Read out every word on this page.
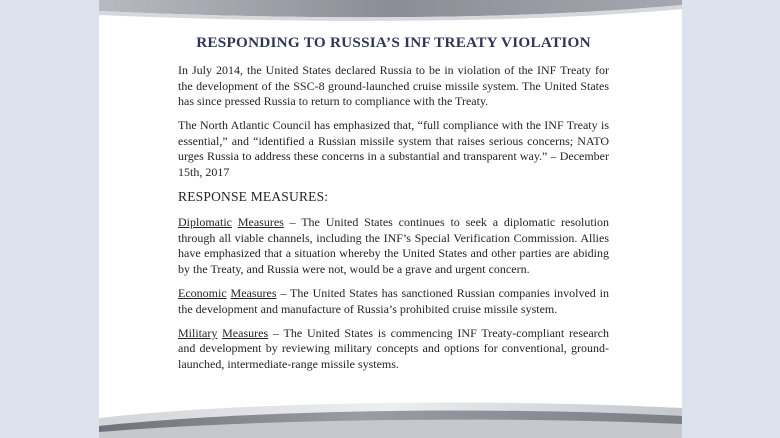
RESPONDING TO RUSSIA’S INF TREATY VIOLATION

In July 2014, the United States declared Russia to be in violation of the INF Treaty for the development of the SSC-8 ground-launched cruise missile system. The United States has since pressed Russia to return to compliance with the Treaty.

The North Atlantic Council has emphasized that, “full compliance with the INF Treaty is essential,” and “identified a Russian missile system that raises serious concerns; NATO urges Russia to address these concerns in a substantial and transparent way.” – December 15th, 2017

RESPONSE MEASURES:

Diplomatic Measures – The United States continues to seek a diplomatic resolution through all viable channels, including the INF’s Special Verification Commission. Allies have emphasized that a situation whereby the United States and other parties are abiding by the Treaty, and Russia were not, would be a grave and urgent concern.

Economic Measures – The United States has sanctioned Russian companies involved in the development and manufacture of Russia’s prohibited cruise missile system.

Military Measures – The United States is commencing INF Treaty-compliant research and development by reviewing military concepts and options for conventional, ground-launched, intermediate-range missile systems.
